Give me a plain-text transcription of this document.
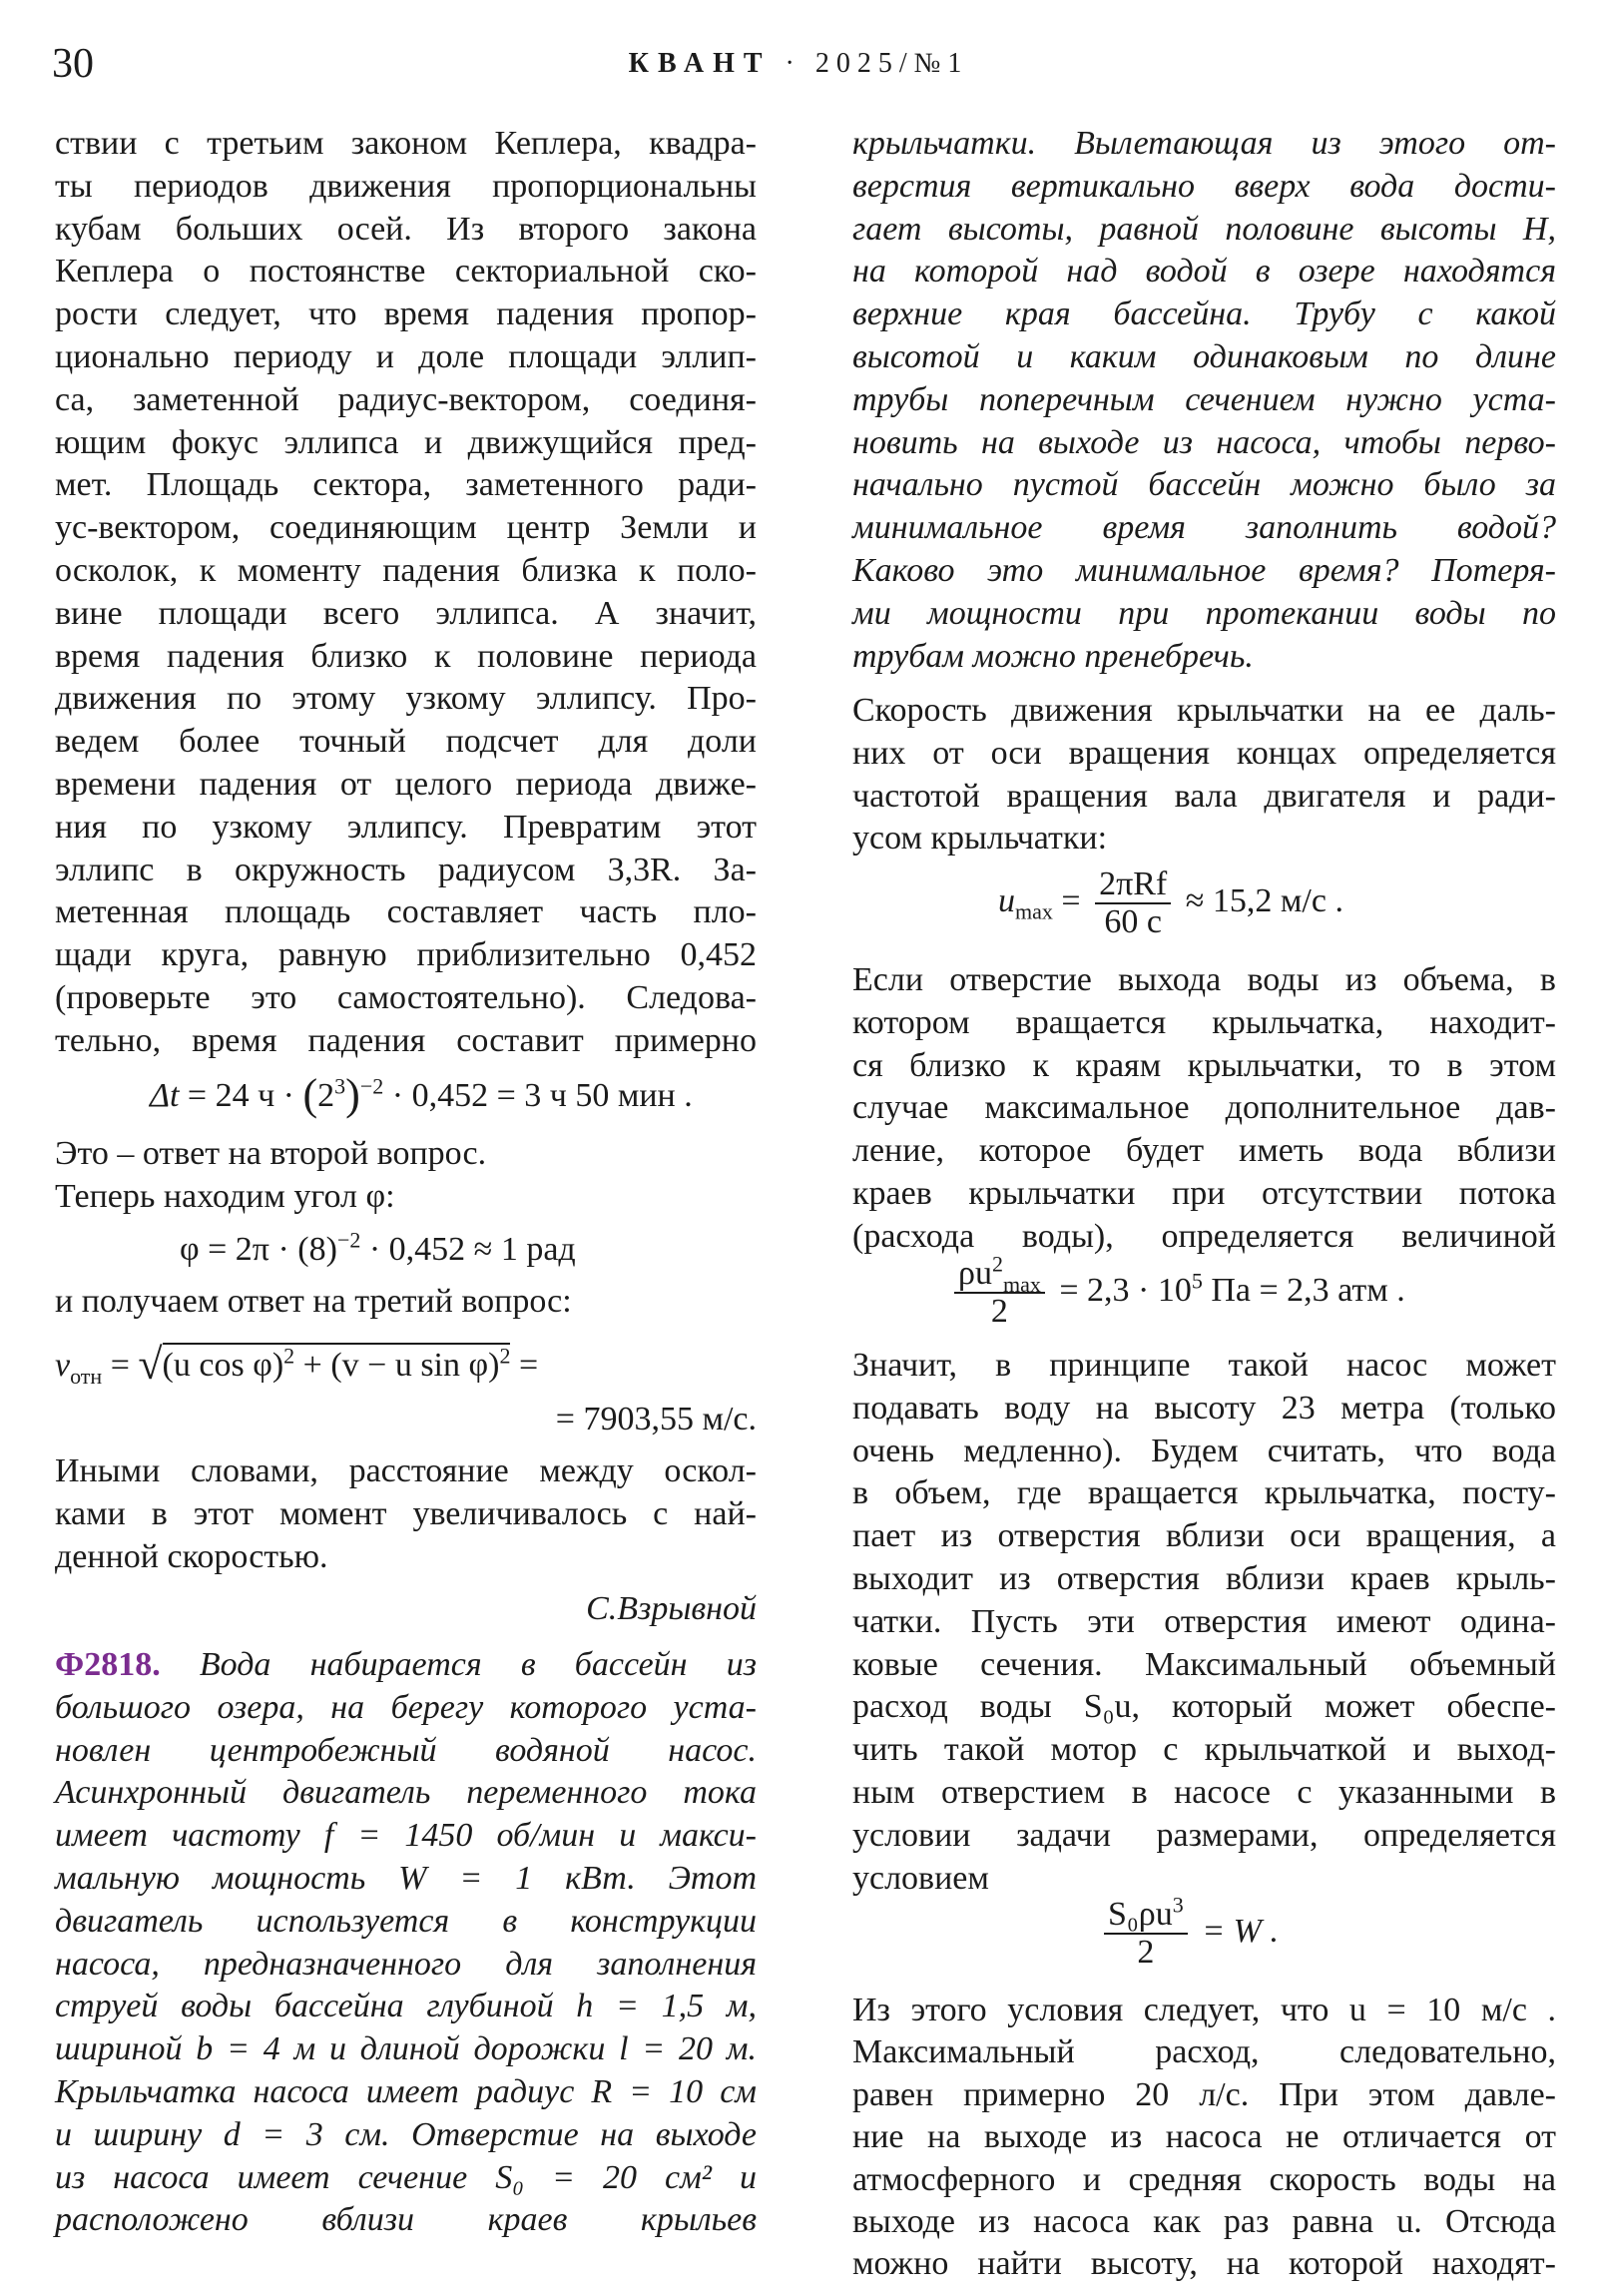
30	КВАНТ · 2025/№1
ствии с третьим законом Кеплера, квадра-
ты периодов движения пропорциональны
кубам больших осей. Из второго закона
Кеплера о постоянстве секториальной ско-
рости следует, что время падения пропор-
ционально периоду и доле площади эллип-
са, заметенной радиус-вектором, соединя-
ющим фокус эллипса и движущийся пред-
мет. Площадь сектора, заметенного ради-
ус-вектором, соединяющим центр Земли и
осколок, к моменту падения близка к поло-
вине площади всего эллипса. А значит,
время падения близко к половине периода
движения по этому узкому эллипсу. Про-
ведем более точный подсчет для доли
времени падения от целого периода движе-
ния по узкому эллипсу. Превратим этот
эллипс в окружность радиусом 3,3R. За-
метенная площадь составляет часть пло-
щади круга, равную приблизительно 0,452
(проверьте это самостоятельно). Следова-
тельно, время падения составит примерно
Это – ответ на второй вопрос.
Теперь находим угол φ:
и получаем ответ на третий вопрос:
Иными словами, расстояние между оскол-
ками в этот момент увеличивалось с най-
денной скоростью.
Ф2818. Вода набирается в бассейн из
большого озера, на берегу которого уста-
новлен центробежный водяной насос.
Асинхронный двигатель переменного тока
имеет частоту f = 1450 об/мин и макси-
мальную мощность W = 1 кВт. Этот
двигатель используется в конструкции
насоса, предназначенного для заполнения
струей воды бассейна глубиной h = 1,5 м,
шириной b = 4 м и длиной дорожки l = 20 м.
Крыльчатка насоса имеет радиус R = 10 см
и ширину d = 3 см. Отверстие на выходе
из насоса имеет сечение S₀ = 20 см² и
расположено вблизи краев крыльев
крыльчатки. Вылетающая из этого от-
верстия вертикально вверх вода дости-
гает высоты, равной половине высоты H,
на которой над водой в озере находятся
верхние края бассейна. Трубу с какой
высотой и каким одинаковым по длине
трубы поперечным сечением нужно уста-
новить на выходе из насоса, чтобы перво-
начально пустой бассейн можно было за
минимальное время заполнить водой?
Каково это минимальное время? Потеря-
ми мощности при протекании воды по
трубам можно пренебречь.
Скорость движения крыльчатки на ее даль-
них от оси вращения концах определяется
частотой вращения вала двигателя и ради-
усом крыльчатки:
Если отверстие выхода воды из объема, в
котором вращается крыльчатка, находит-
ся близко к краям крыльчатки, то в этом
случае максимальное дополнительное дав-
ление, которое будет иметь вода вблизи
краев крыльчатки при отсутствии потока
(расхода воды), определяется величиной
Значит, в принципе такой насос может
подавать воду на высоту 23 метра (только
очень медленно). Будем считать, что вода
в объем, где вращается крыльчатка, посту-
пает из отверстия вблизи оси вращения, а
выходит из отверстия вблизи краев крыль-
чатки. Пусть эти отверстия имеют одина-
ковые сечения. Максимальный объемный
расход воды S₀u, который может обеспе-
чить такой мотор с крыльчаткой и выход-
ным отверстием в насосе с указанными в
условии задачи размерами, определяется
условием
Из этого условия следует, что u = 10 м/с .
Максимальный расход, следовательно,
равен примерно 20 л/с. При этом давле-
ние на выходе из насоса не отличается от
атмосферного и средняя скорость воды на
выходе из насоса как раз равна u. Отсюда
можно найти высоту, на которой находят-
С.Взрывной
Δt = 24 $ч \cdot (2^3)^{-2} \cdot 0,452 = 3$ ч 50 мин .
$\varphi = 2\pi \cdot (8)^{-2} \cdot 0,452 \approx 1$ рад
$v_{отн} = √(u$ cos φ)$^2$ + (v − u sin φ)$^2$ =
= 7903,55 м/с.
$u_{max} = \frac{\text{2πRf}}{60 с} \approx 15,2$ м/с .
$\frac{\rho u^2_{max}}{2} = 2,3 \cdot 10^5$ Па = 2,3 атм .
$\frac{S_0\rho u^3}{2} = W$ .
